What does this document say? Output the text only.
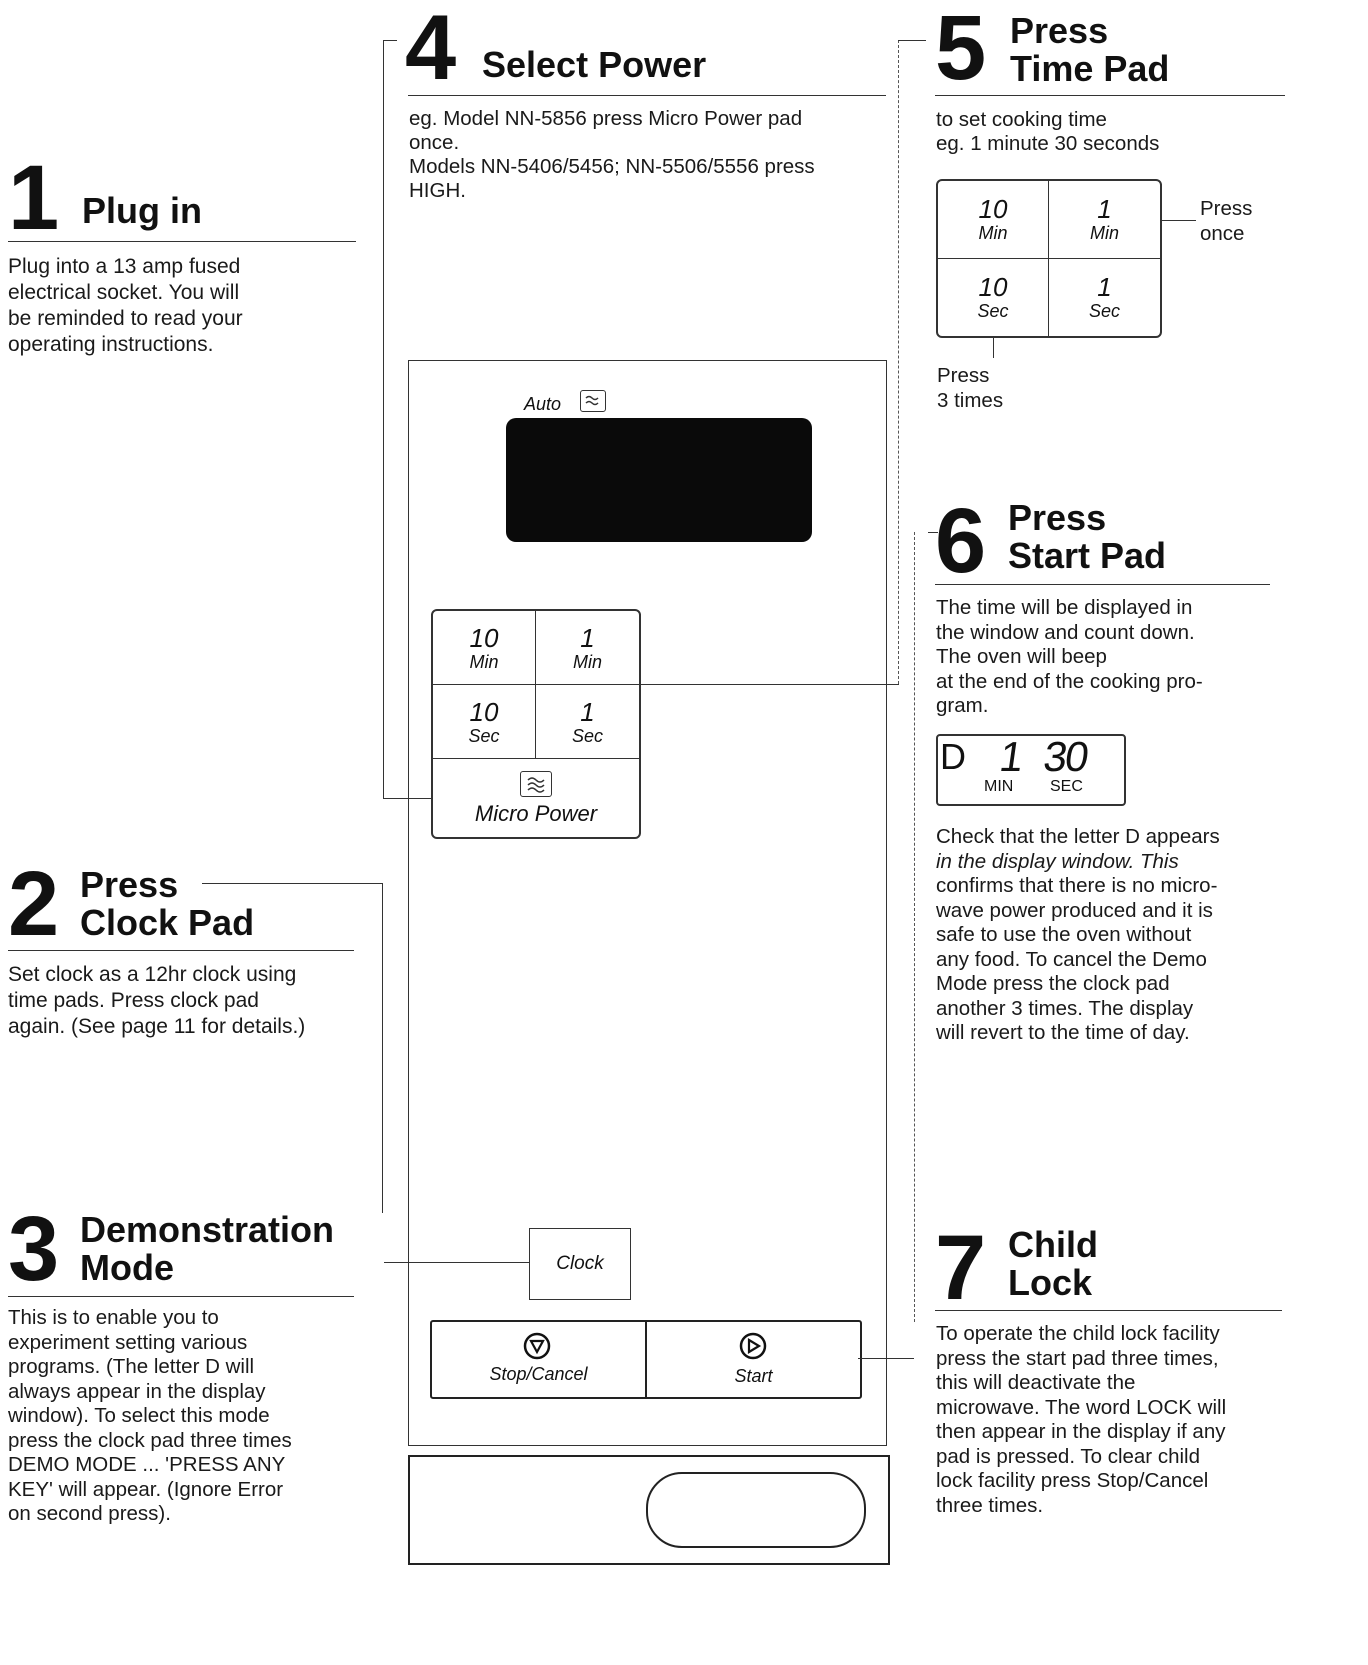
1 Plug in
Plug into a 13 amp fused
electrical socket. You will
be reminded to read your
operating instructions.
2 Press
Clock Pad
Set clock as a 12hr clock using
time pads. Press clock pad
again. (See page 11 for details.)
3 Demonstration
Mode
This is to enable you to
experiment setting various
programs. (The letter D will
always appear in the display
window). To select this mode
press the clock pad three times
DEMO MODE ... 'PRESS ANY
KEY' will appear. (Ignore Error
on second press).
4 Select Power
eg. Model NN-5856 press Micro Power pad
once.
Models NN-5406/5456; NN-5506/5556 press
HIGH.
5 Press
Time Pad
to set cooking time
eg. 1 minute 30 seconds
10
Min
1
Min
10
Sec
1
Sec
Press
once
Press
3 times
6 Press
Start Pad
The time will be displayed in
the window and count down.
The oven will beep
at the end of the cooking pro-
gram.
D 1 30
MIN SEC
Check that the letter D appears
in the display window. This
confirms that there is no micro-
wave power produced and it is
safe to use the oven without
any food. To cancel the Demo
Mode press the clock pad
another 3 times. The display
will revert to the time of day.
7 Child
Lock
To operate the child lock facility
press the start pad three times,
this will deactivate the
microwave. The word LOCK will
then appear in the display if any
pad is pressed. To clear child
lock facility press Stop/Cancel
three times.
Auto
10
Min
1
Min
10
Sec
1
Sec
Micro Power
Clock
Stop/Cancel	Start
